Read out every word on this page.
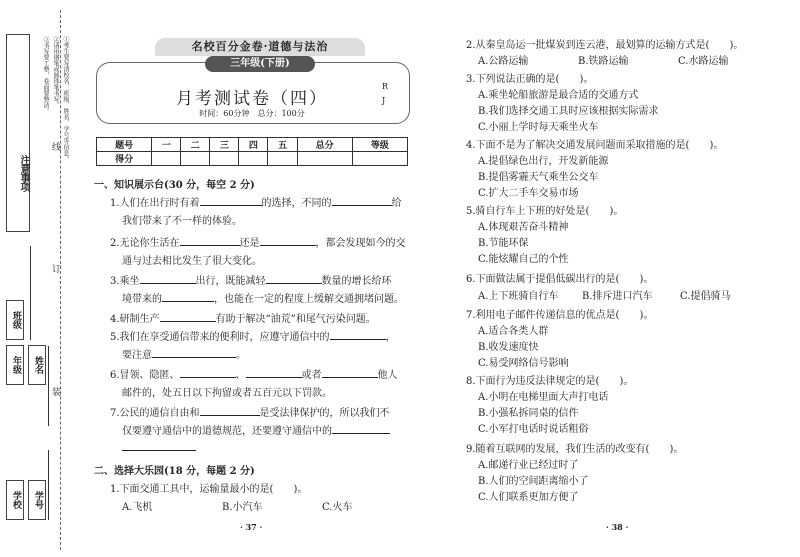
注意事项
①考生要写清校名、班级、姓名、学号等信息。
②请用钢笔或圆珠笔书写。
③书写要工整，卷面要整洁。
班级
年级	姓名
学校	学号
线
订
装
名校百分金卷·道德与法治
三年级(下册)
月考测试卷（四）
时间：60分钟　总分：100分
R
J
题号	一	二	三	四	五	总分	等级
得分							
一、知识展示台(30 分，每空 2 分)
1.人们在出行时有着	的选择，不同的	给
我们带来了不一样的体验。
2.无论你生活在	还是	，都会发现如今的交
通与过去相比发生了很大变化。
3.乘坐	出行，既能减轻	数量的增长给环
境带来的	，也能在一定的程度上缓解交通拥堵问题。
4.研制生产	有助于解决“油荒”和尾气污染问题。
5.我们在享受通信带来的便利时，应遵守通信中的	，
要注意	。
6.冒领、隐匿、	、	或者	他人
邮件的，处五日以下拘留或者五百元以下罚款。
7.公民的通信自由和	是受法律保护的，所以我们不
仅要遵守通信中的道德规范，还要遵守通信中的
二、选择大乐园(18 分，每题 2 分)
1.下面交通工具中，运输量最小的是(　　)。
A.飞机	B.小汽车	C.火车
· 37 ·
2.从秦皇岛运一批煤炭到连云港，最划算的运输方式是(　　)。
A.公路运输	B.铁路运输	C.水路运输
3.下列说法正确的是(　　)。
A.乘坐轮船旅游是最合适的交通方式
B.我们选择交通工具时应该根据实际需求
C.小丽上学时每天乘坐火车
4.下面不是为了解决交通发展问题而采取措施的是(　　)。
A.提倡绿色出行，开发新能源
B.提倡雾霾天气乘坐公交车
C.扩大二手车交易市场
5.骑自行车上下班的好处是(　　)。
A.体现艰苦奋斗精神
B.节能环保
C.能炫耀自己的个性
6.下面做法属于提倡低碳出行的是(　　)。
A.上下班骑自行车 B.排斥进口汽车	C.提倡骑马
7.利用电子邮件传递信息的优点是(　　)。
A.适合各类人群
B.收发速度快
C.易受网络信号影响
8.下面行为违反法律规定的是(　　)。
A.小明在电梯里面大声打电话
B.小强私拆同桌的信件
C.小军打电话时说话粗俗
9.随着互联网的发展，我们生活的改变有(　　)。
A.邮递行业已经过时了
B.人们的空间距离缩小了
C.人们联系更加方便了
· 38 ·
